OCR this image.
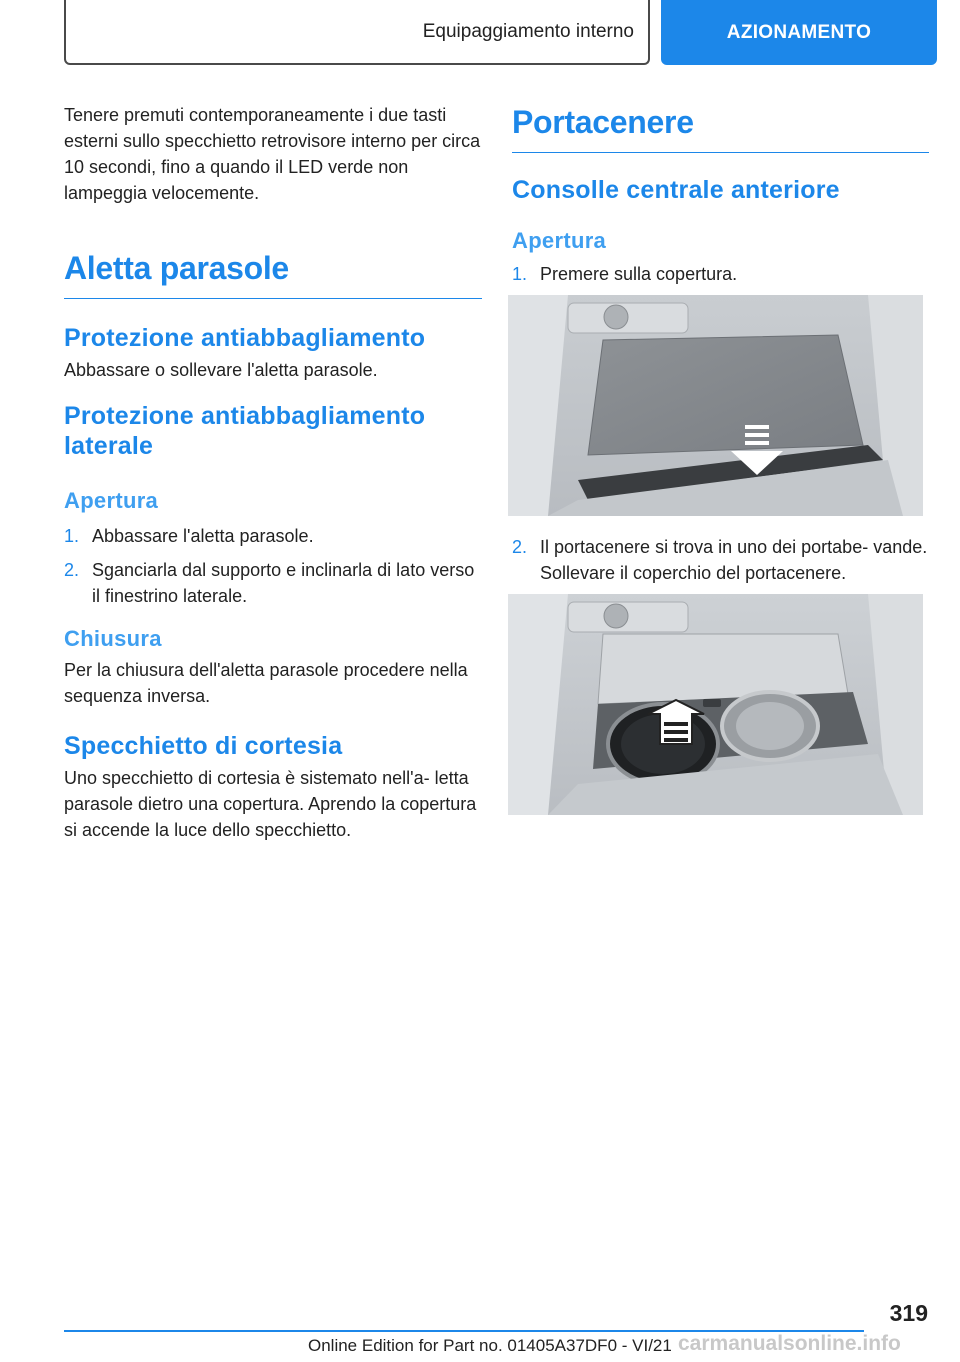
Equipaggiamento interno	AZIONAMENTO

Tenere premuti contemporaneamente i due tasti esterni sullo specchietto retrovisore interno per circa 10 secondi, fino a quando il LED verde non lampeggia velocemente.

Aletta parasole
Protezione antiabbagliamento

Abbassare o sollevare l'aletta parasole.

Protezione antiabbagliamento laterale
Apertura
1. Abbassare l'aletta parasole.
2. Sganciarla dal supporto e inclinarla di lato verso il finestrino laterale.
Chiusura

Per la chiusura dell'aletta parasole procedere nella sequenza inversa.

Specchietto di cortesia

Uno specchietto di cortesia è sistemato nell'a‐ letta parasole dietro una copertura. Aprendo la copertura si accende la luce dello specchietto.

Portacenere
Consolle centrale anteriore
Apertura
1. Premere sulla copertura.
2. Il portacenere si trova in uno dei portabe‐ vande. Sollevare il coperchio del portacenere.
319
Online Edition for Part no. 01405A37DF0 - VI/21 carmanualsonline.info
